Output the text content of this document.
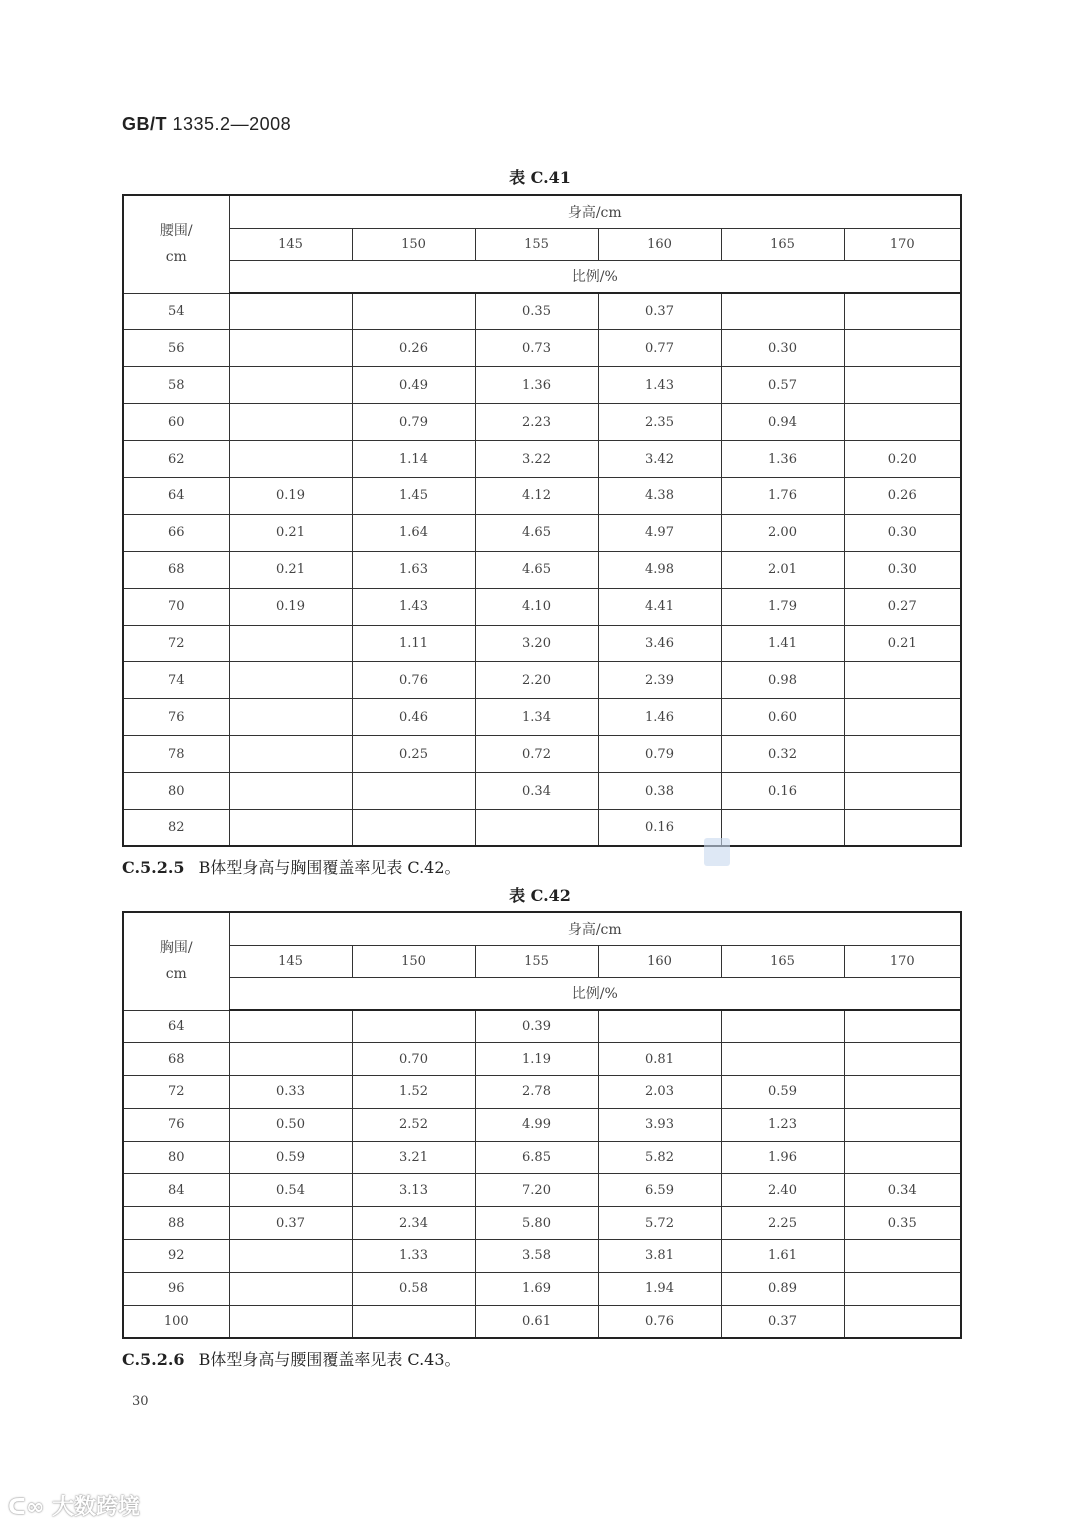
GB/T 1335.2—2008
表 C.41
腰围/
cm	身高/cm					
	145	150	155	160	165	170
	比例/%					
54			0.35	0.37		
56		0.26	0.73	0.77	0.30	
58		0.49	1.36	1.43	0.57	
60		0.79	2.23	2.35	0.94	
62		1.14	3.22	3.42	1.36	0.20
64	0.19	1.45	4.12	4.38	1.76	0.26
66	0.21	1.64	4.65	4.97	2.00	0.30
68	0.21	1.63	4.65	4.98	2.01	0.30
70	0.19	1.43	4.10	4.41	1.79	0.27
72		1.11	3.20	3.46	1.41	0.21
74		0.76	2.20	2.39	0.98	
76		0.46	1.34	1.46	0.60	
78		0.25	0.72	0.79	0.32	
80			0.34	0.38	0.16	
82				0.16		
C.5.2.5 B体型身高与胸围覆盖率见表 C.42。
表 C.42
胸围/
cm	身高/cm					
	145	150	155	160	165	170
	比例/%					
64			0.39			
68		0.70	1.19	0.81		
72	0.33	1.52	2.78	2.03	0.59	
76	0.50	2.52	4.99	3.93	1.23	
80	0.59	3.21	6.85	5.82	1.96	
84	0.54	3.13	7.20	6.59	2.40	0.34
88	0.37	2.34	5.80	5.72	2.25	0.35
92		1.33	3.58	3.81	1.61	
96		0.58	1.69	1.94	0.89	
100			0.61	0.76	0.37	
C.5.2.6 B体型身高与腰围覆盖率见表 C.43。
30
ᑕ∞ 大数跨境
